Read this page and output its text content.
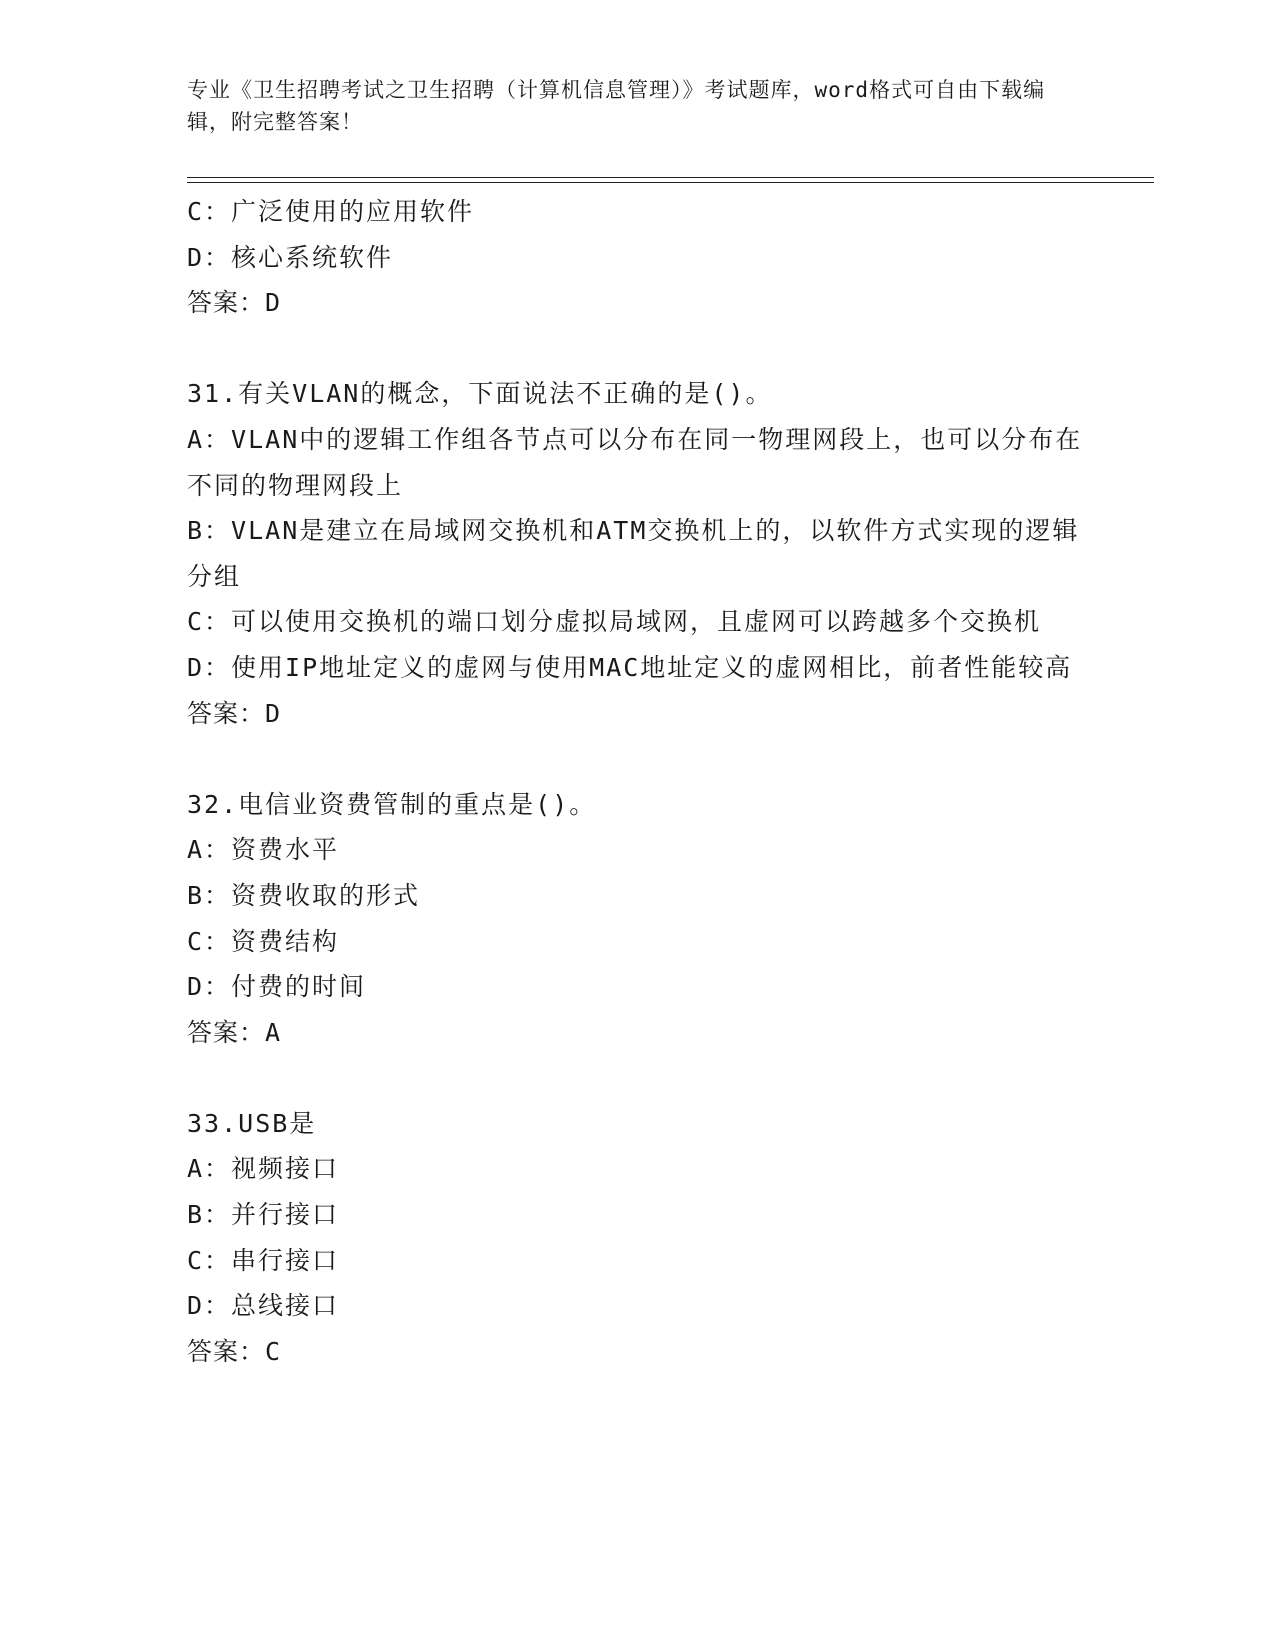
专业《卫生招聘考试之卫生招聘（计算机信息管理）》考试题库，word格式可自由下载编辑，附完整答案！

C：广泛使用的应用软件

D：核心系统软件

答案：D

31.有关VLAN的概念，下面说法不正确的是()。

A：VLAN中的逻辑工作组各节点可以分布在同一物理网段上，也可以分布在不同的物理网段上

B：VLAN是建立在局域网交换机和ATM交换机上的，以软件方式实现的逻辑分组

C：可以使用交换机的端口划分虚拟局域网，且虚网可以跨越多个交换机

D：使用IP地址定义的虚网与使用MAC地址定义的虚网相比，前者性能较高

答案：D

32.电信业资费管制的重点是()。

A：资费水平

B：资费收取的形式

C：资费结构

D：付费的时间

答案：A

33.USB是

A：视频接口

B：并行接口

C：串行接口

D：总线接口

答案：C
